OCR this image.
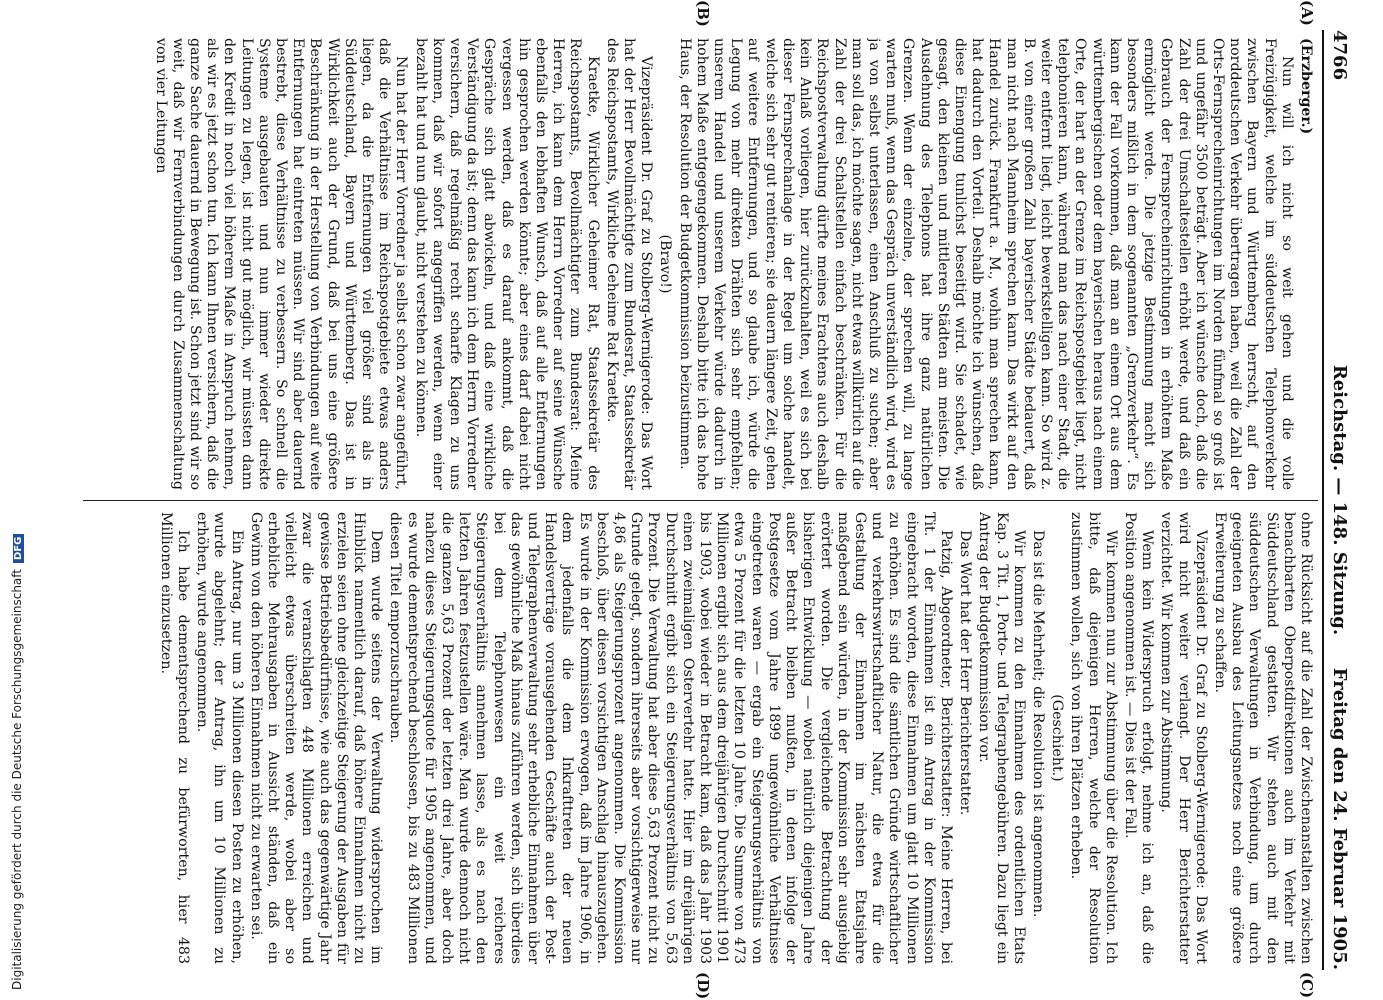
4766
Reichstag. — 148. Sitzung.
Freitag den 24. Februar 1905.
(A)
(B)
(C)
(D)

(Erzberger.)

Nun will ich nicht so weit gehen und die volle Freizügigkeit, welche im süddeutschen Telephonverkehr zwischen Bayern und Württemberg herrscht, auf den norddeutschen Verkehr übertragen haben, weil die Zahl der Orts-Fernsprecheinrichtungen im Norden fünfmal so groß ist und ungefähr 3500 beträgt. Aber ich wünsche doch, daß die Zahl der drei Umschaltestellen erhöht werde, und daß ein Gebrauch der Fernsprecheinrichtungen in erhöhtem Maße ermöglicht werde. Die jetzige Bestimmung macht sich besonders mißlich in dem sogenannten „Grenzverkehr“. Es kann der Fall vorkommen, daß man an einem Ort aus dem württembergischen oder dem bayerischen heraus nach einem Orte, der hart an der Grenze im Reichspostgebiet liegt, nicht telephonieren kann, während man das nach einer Stadt, die weiter entfernt liegt, leicht bewerkstelligen kann. So wird z. B. von einer großen Zahl bayerischer Städte bedauert, daß man nicht nach Mannheim sprechen kann. Das wirkt auf den Handel zurück. Frankfurt a. M., wohin man sprechen kann, hat dadurch den Vorteil. Deshalb möchte ich wünschen, daß diese Einengung tunlichst beseitigt wird. Sie schadet, wie gesagt, den kleinen und mittleren Städten am meisten. Die Ausdehnung des Telephons hat ihre ganz natürlichen Grenzen. Wenn der einzelne, der sprechen will, zu lange warten muß, wenn das Gespräch unverständlich wird, wird es ja von selbst unterlassen, einen Anschluß zu suchen; aber man soll das, ich möchte sagen, nicht etwas willkürlich auf die Zahl der drei Schaltstellen einfach beschränken. Für die Reichspostverwaltung dürfte meines Erachtens auch deshalb kein Anlaß vorliegen, hier zurückzuhalten, weil es sich bei dieser Fernsprechanlage in der Regel um solche handelt, welche sich sehr gut rentieren; sie dauern längere Zeit, gehen auf weitere Entfernungen, und so glaube ich, würde die Legung von mehr direkten Drähten sich sehr empfehlen; unserem Handel und unserem Verkehr würde dadurch in hohem Maße entgegengekommen. Deshalb bitte ich das hohe Haus, der Resolution der Budgetkommission beizustimmen.

(Bravo!)

Vizepräsident Dr. Graf zu Stolberg-Wernigerode: Das Wort hat der Herr Bevollmächtigte zum Bundesrat, Staatssekretär des Reichspostamts, Wirkliche Geheime Rat Kraetke.

Kraetke, Wirklicher Geheimer Rat, Staatssekretär des Reichspostamts, Bevollmächtigter zum Bundesrat: Meine Herren, ich kann dem Herrn Vorredner auf seine Wünsche ebenfalls den lebhaften Wunsch, daß auf alle Entfernungen hin gesprochen werden könnte; aber eines darf dabei nicht vergessen werden, daß es darauf ankommt, daß die Gespräche sich glatt abwickeln, und daß eine wirkliche Verständigung da ist; denn das kann ich dem Herrn Vorredner versichern, daß regelmäßig recht scharfe Klagen zu uns kommen, daß wir sofort angegriffen werden, wenn einer bezahlt hat und nun glaubt, nicht verstehen zu können.

Nun hat der Herr Vorredner ja selbst schon zwar angeführt, daß die Verhältnisse im Reichspostgebiete etwas anders liegen, da die Entfernungen viel größer sind als in Süddeutschland, Bayern und Württemberg. Das ist in Wirklichkeit auch der Grund, daß bei uns eine größere Beschränkung in der Herstellung von Verbindungen auf weite Entfernungen hat eintreten müssen. Wir sind aber dauernd bestrebt, diese Verhältnisse zu verbessern. So schnell die Systeme ausgebauten und nun immer wieder direkte Leitungen zu legen, ist nicht gut möglich, wir müssten dann den Kredit in noch viel höherem Maße in Anspruch nehmen, als wir es jetzt schon tun. Ich kann Ihnen versichern, daß die ganze Sache dauernd in Bewegung ist. Schon jetzt sind wir so weit, daß wir Fernverbindungen durch Zusammenschaltung von vier Leitungen

ohne Rücksicht auf die Zahl der Zwischenanstalten zwischen benachbarten Oberpostdirektionen auch im Verkehr mit Süddeutschland gestatten. Wir stehen auch mit den süddeutschen Verwaltungen in Verbindung, um durch geeigneten Ausbau des Leitungsnetzes noch eine größere Erweiterung zu schaffen.

Vizepräsident Dr. Graf zu Stolberg-Wernigerode: Das Wort wird nicht weiter verlangt. Der Herr Berichterstatter verzichtet. Wir kommen zur Abstimmung.

Wenn kein Widerspruch erfolgt, nehme ich an, daß die Position angenommen ist. — Dies ist der Fall.

Wir kommen nun zur Abstimmung über die Resolution. Ich bitte, daß diejenigen Herren, welche der Resolution zustimmen wollen, sich von ihren Plätzen erheben.

(Geschieht.)

Das ist die Mehrheit; die Resolution ist angenommen.

Wir kommen zu den Einnahmen des ordentlichen Etats Kap. 3 Tit. 1, Porto- und Telegraphengebühren. Dazu liegt ein Antrag der Budgetkommission vor.

Das Wort hat der Herr Berichterstatter.

Patzig, Abgeordneter, Berichterstatter: Meine Herren, bei Tit. 1 der Einnahmen ist ein Antrag in der Kommission eingebracht worden, diese Einnahmen um glatt 10 Millionen zu erhöhen. Es sind die sämtlichen Gründe wirtschaftlicher und verkehrswirtschaftlicher Natur, die etwa für die Gestaltung der Einnahmen im nächsten Etatsjahre maßgebend sein würden, in der Kommission sehr ausgiebig erörtert worden. Die vergleichende Betrachtung der bisherigen Entwicklung — wobei natürlich diejenigen Jahre außer Betracht bleiben mußten, in denen infolge der Postgesetze vom Jahre 1899 ungewöhnliche Verhältnisse eingetreten waren — ergab ein Steigerungsverhältnis von etwa 5 Prozent für die letzten 10 Jahre. Die Summe von 473 Millionen ergibt sich aus dem dreijährigen Durchschnitt 1901 bis 1903, wobei wieder in Betracht kam, daß das Jahr 1903 einen zweimaligen Ostervertehr hatte. Hier im dreijährigen Durchschnitt ergibt sich ein Steigerungsverhältnis von 5,63 Prozent. Die Verwaltung hat aber diese 5,63 Prozent nicht zu Grunde gelegt, sondern ihrerseits aber vorsichtigerweise nur 4,86 als Steigerungsprozent angenommen. Die Kommission beschloß, über diesen vorsichtigen Anschlag hinauszugehen. Es wurde in der Kommission erwogen, daß im Jahre 1906, in dem jedenfalls die dem Inkrafttreten der neuen Handelsverträge vorausgehenden Geschäfte auch der Post- und Telegraphenverwaltung sehr erhebliche Einnahmen über das gewöhnliche Maß hinaus zuführen werden, sich überdies bei dem Telephonwesen ein weit reicheres Steigerungsverhältnis annehmen lasse, als es nach den letzten Jahren festzustellen wäre. Man wurde dennoch nicht die ganzen 5,63 Prozent der letzten drei Jahre, aber doch nahezu dieses Steigerungsquote für 1905 angenommen, und es wurde dementsprechend beschlossen, bis zu 483 Millionen diesen Titel emporzuschrauben.

Dem wurde seitens der Verwaltung widersprochen im Hinblick namentlich darauf, daß höhere Einnahmen nicht zu erzielen seien ohne gleichzeitige Steigerung der Ausgaben für gewisse Betriebsbedürfnisse, wie auch das gegenwärtige Jahr zwar die veranschlagten 448 Millionen erreichen und vielleicht etwas überschreiten werde, wobei aber so erhebliche Mehrausgaben in Aussicht ständen, daß ein Gewinn von den höheren Einnahmen nicht zu erwarten sei.

Ein Antrag, nur um 3 Millionen diesen Posten zu erhöhen, wurde abgelehnt; der Antrag, ihn um 10 Millionen zu erhöhen, wurde angenommen.

Ich habe dementsprechend zu befürworten, hier 483 Millionen einzusetzen.

Digitalisierung gefördert durch die Deutsche ForschungsgemeinschaftDFG
